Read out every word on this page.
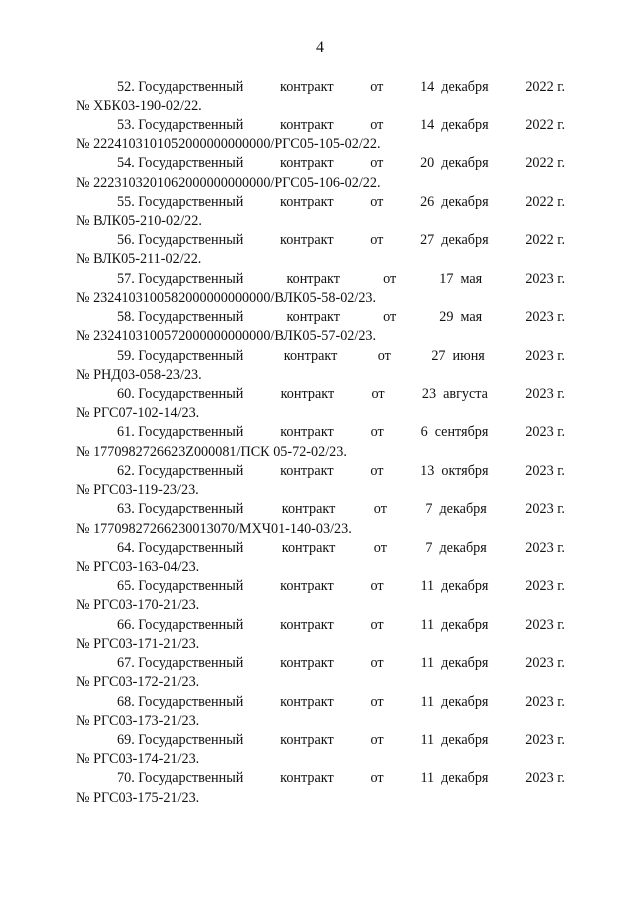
4
52. Государственный	контракт	от	14 декабря	2022 г.
№ ХБК03-190-02/22.
53. Государственный	контракт	от	14 декабря	2022 г.
№ 2224103101052000000000000/РГС05-105-02/22.
54. Государственный	контракт	от	20 декабря	2022 г.
№ 2223103201062000000000000/РГС05-106-02/22.
55. Государственный	контракт	от	26 декабря	2022 г.
№ ВЛК05-210-02/22.
56. Государственный	контракт	от	27 декабря	2022 г.
№ ВЛК05-211-02/22.
57. Государственный	контракт	от	17 мая	2023 г.
№ 2324103100582000000000000/ВЛК05-58-02/23.
58. Государственный	контракт	от	29 мая	2023 г.
№ 2324103100572000000000000/ВЛК05-57-02/23.
59. Государственный	контракт	от	27 июня	2023 г.
№ РНД03-058-23/23.
60. Государственный	контракт	от	23 августа	2023 г.
№ РГС07-102-14/23.
61. Государственный	контракт	от	6 сентября	2023 г.
№ 1770982726623Z000081/ПСК 05-72-02/23.
62. Государственный	контракт	от	13 октября	2023 г.
№ РГС03-119-23/23.
63. Государственный	контракт	от	7 декабря	2023 г.
№ 17709827266230013070/МХЧ01-140-03/23.
64. Государственный	контракт	от	7 декабря	2023 г.
№ РГС03-163-04/23.
65. Государственный	контракт	от	11 декабря	2023 г.
№ РГС03-170-21/23.
66. Государственный	контракт	от	11 декабря	2023 г.
№ РГС03-171-21/23.
67. Государственный	контракт	от	11 декабря	2023 г.
№ РГС03-172-21/23.
68. Государственный	контракт	от	11 декабря	2023 г.
№ РГС03-173-21/23.
69. Государственный	контракт	от	11 декабря	2023 г.
№ РГС03-174-21/23.
70. Государственный	контракт	от	11 декабря	2023 г.
№ РГС03-175-21/23.
